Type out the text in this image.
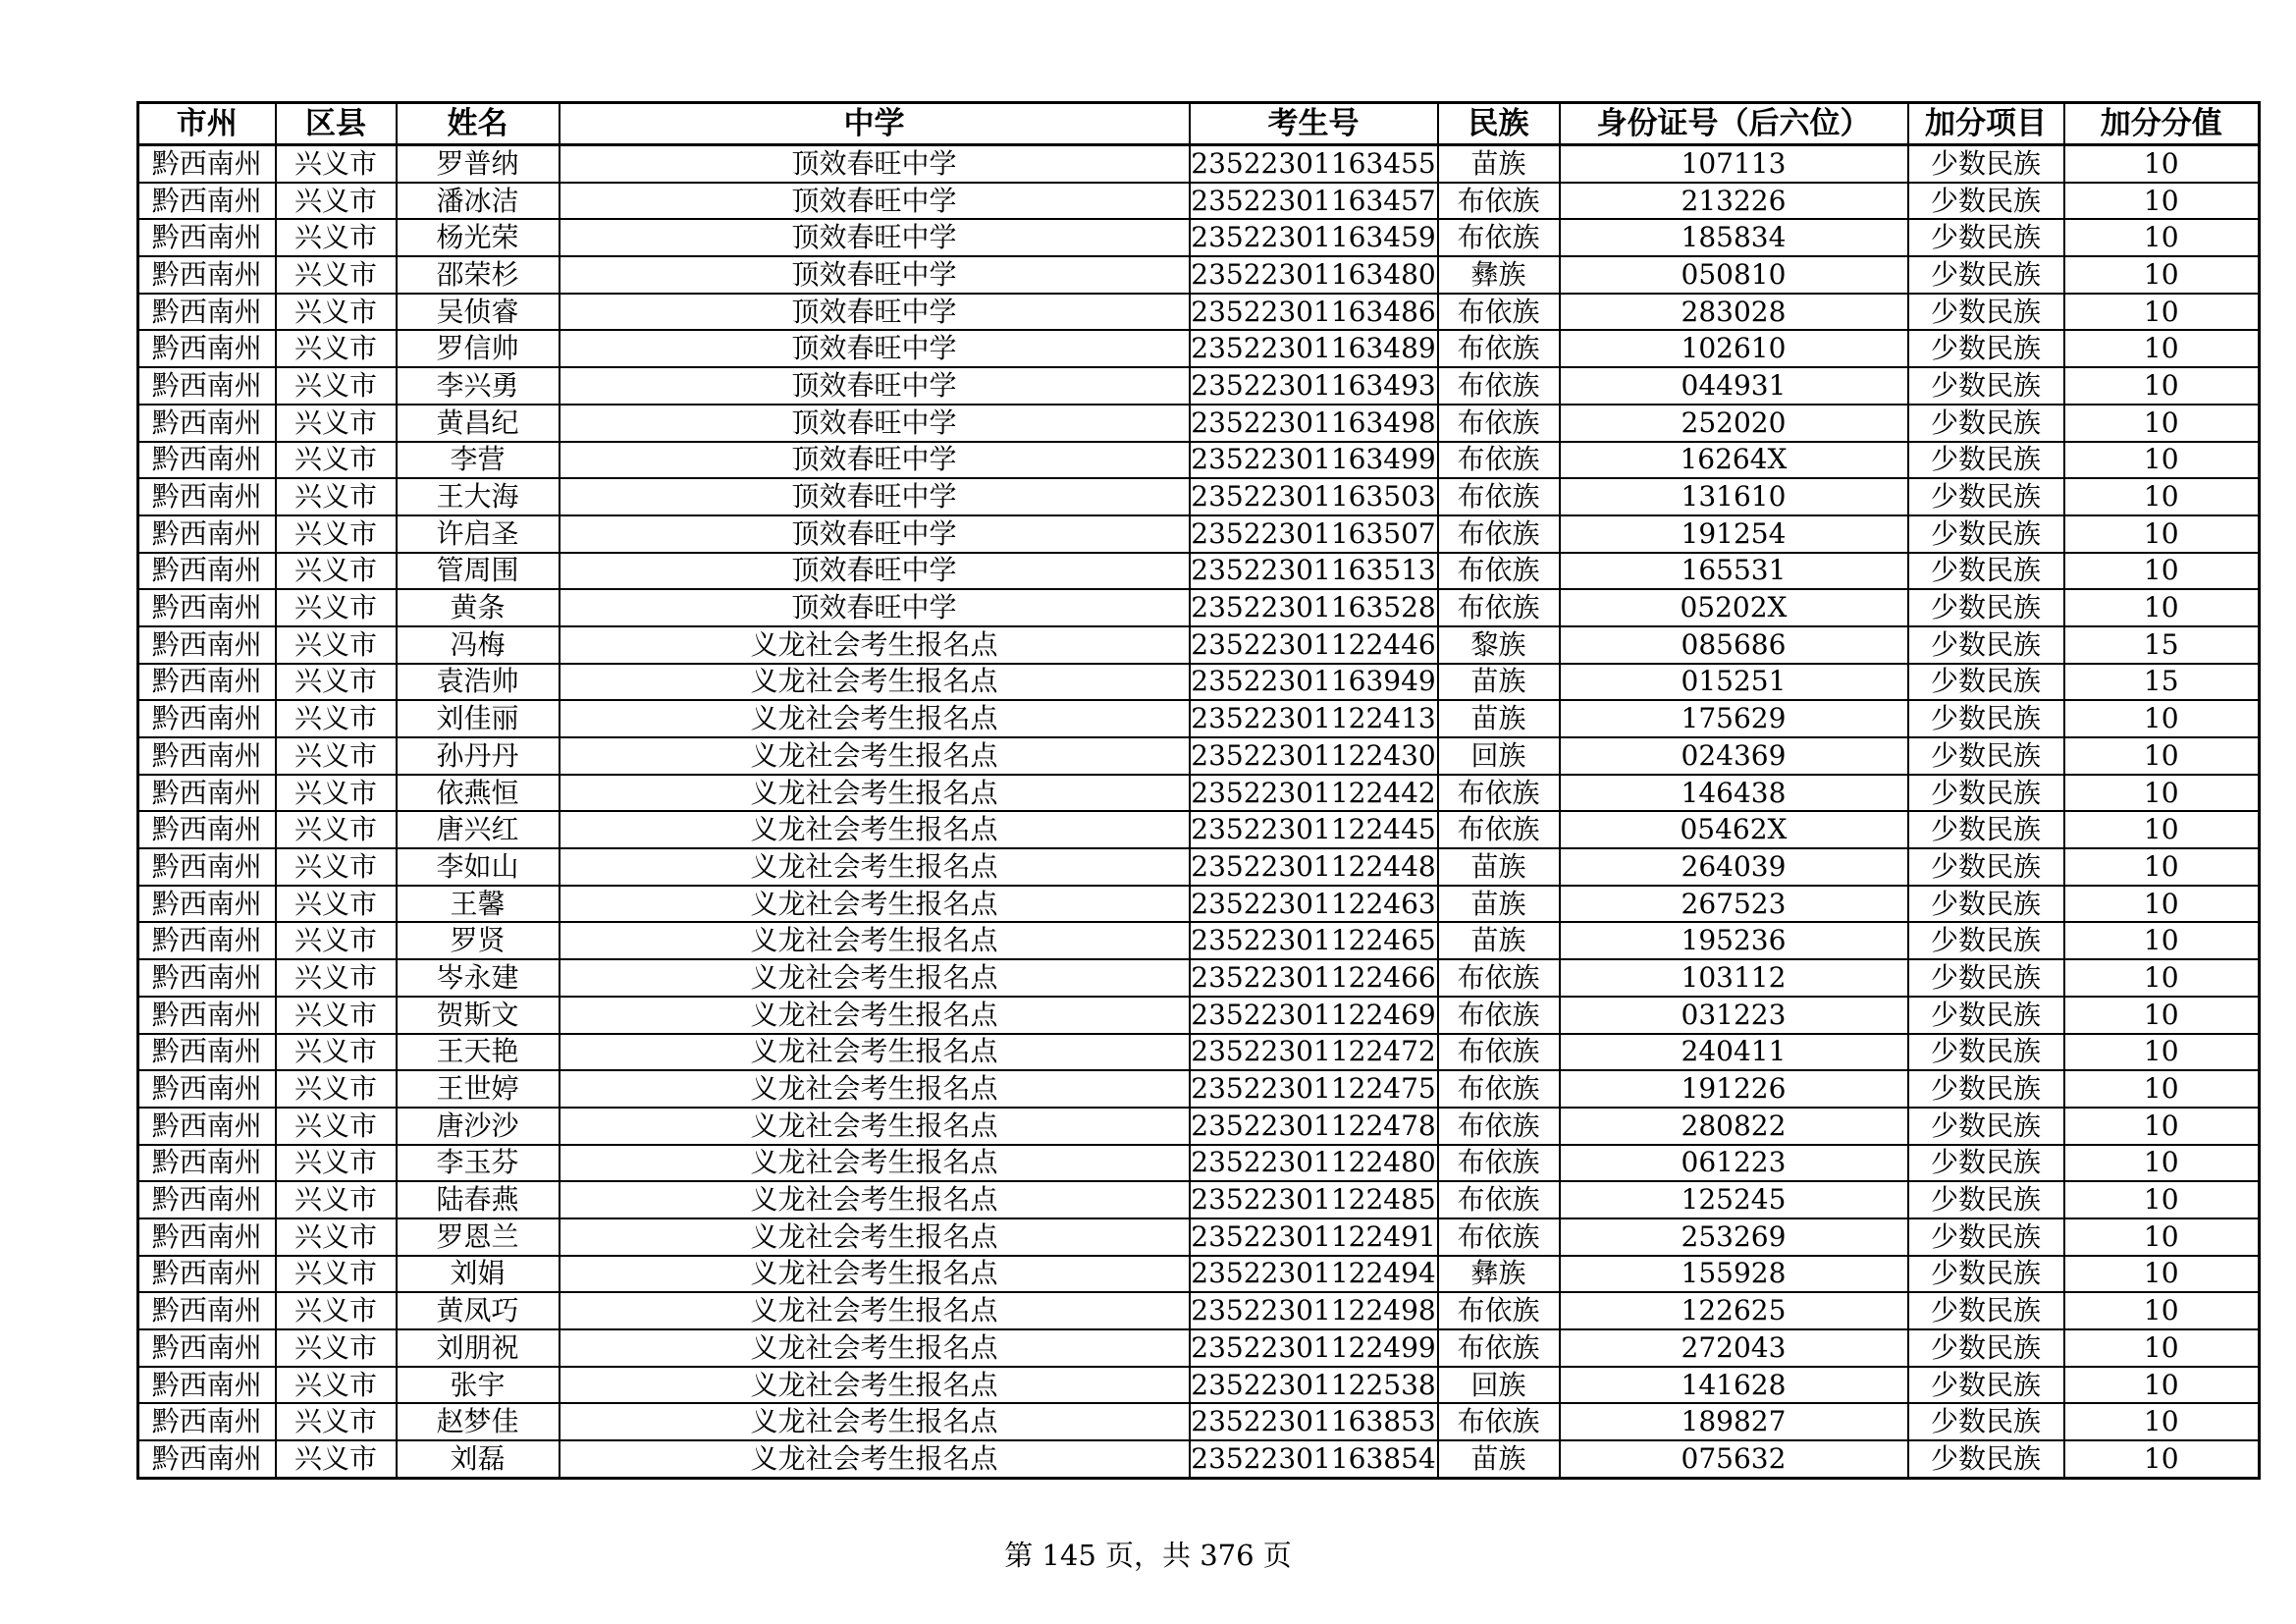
市州	区县	姓名	中学	考生号	民族	身份证号（后六位）	加分项目	加分分值
黔西南州	兴义市	罗普纳	顶效春旺中学	23522301163455	苗族	107113	少数民族	10
黔西南州	兴义市	潘冰洁	顶效春旺中学	23522301163457	布依族	213226	少数民族	10
黔西南州	兴义市	杨光荣	顶效春旺中学	23522301163459	布依族	185834	少数民族	10
黔西南州	兴义市	邵荣杉	顶效春旺中学	23522301163480	彝族	050810	少数民族	10
黔西南州	兴义市	吴侦睿	顶效春旺中学	23522301163486	布依族	283028	少数民族	10
黔西南州	兴义市	罗信帅	顶效春旺中学	23522301163489	布依族	102610	少数民族	10
黔西南州	兴义市	李兴勇	顶效春旺中学	23522301163493	布依族	044931	少数民族	10
黔西南州	兴义市	黄昌纪	顶效春旺中学	23522301163498	布依族	252020	少数民族	10
黔西南州	兴义市	李营	顶效春旺中学	23522301163499	布依族	16264X	少数民族	10
黔西南州	兴义市	王大海	顶效春旺中学	23522301163503	布依族	131610	少数民族	10
黔西南州	兴义市	许启圣	顶效春旺中学	23522301163507	布依族	191254	少数民族	10
黔西南州	兴义市	管周围	顶效春旺中学	23522301163513	布依族	165531	少数民族	10
黔西南州	兴义市	黄条	顶效春旺中学	23522301163528	布依族	05202X	少数民族	10
黔西南州	兴义市	冯梅	义龙社会考生报名点	23522301122446	黎族	085686	少数民族	15
黔西南州	兴义市	袁浩帅	义龙社会考生报名点	23522301163949	苗族	015251	少数民族	15
黔西南州	兴义市	刘佳丽	义龙社会考生报名点	23522301122413	苗族	175629	少数民族	10
黔西南州	兴义市	孙丹丹	义龙社会考生报名点	23522301122430	回族	024369	少数民族	10
黔西南州	兴义市	依燕恒	义龙社会考生报名点	23522301122442	布依族	146438	少数民族	10
黔西南州	兴义市	唐兴红	义龙社会考生报名点	23522301122445	布依族	05462X	少数民族	10
黔西南州	兴义市	李如山	义龙社会考生报名点	23522301122448	苗族	264039	少数民族	10
黔西南州	兴义市	王馨	义龙社会考生报名点	23522301122463	苗族	267523	少数民族	10
黔西南州	兴义市	罗贤	义龙社会考生报名点	23522301122465	苗族	195236	少数民族	10
黔西南州	兴义市	岑永建	义龙社会考生报名点	23522301122466	布依族	103112	少数民族	10
黔西南州	兴义市	贺斯文	义龙社会考生报名点	23522301122469	布依族	031223	少数民族	10
黔西南州	兴义市	王天艳	义龙社会考生报名点	23522301122472	布依族	240411	少数民族	10
黔西南州	兴义市	王世婷	义龙社会考生报名点	23522301122475	布依族	191226	少数民族	10
黔西南州	兴义市	唐沙沙	义龙社会考生报名点	23522301122478	布依族	280822	少数民族	10
黔西南州	兴义市	李玉芬	义龙社会考生报名点	23522301122480	布依族	061223	少数民族	10
黔西南州	兴义市	陆春燕	义龙社会考生报名点	23522301122485	布依族	125245	少数民族	10
黔西南州	兴义市	罗恩兰	义龙社会考生报名点	23522301122491	布依族	253269	少数民族	10
黔西南州	兴义市	刘娟	义龙社会考生报名点	23522301122494	彝族	155928	少数民族	10
黔西南州	兴义市	黄凤巧	义龙社会考生报名点	23522301122498	布依族	122625	少数民族	10
黔西南州	兴义市	刘朋祝	义龙社会考生报名点	23522301122499	布依族	272043	少数民族	10
黔西南州	兴义市	张宇	义龙社会考生报名点	23522301122538	回族	141628	少数民族	10
黔西南州	兴义市	赵梦佳	义龙社会考生报名点	23522301163853	布依族	189827	少数民族	10
黔西南州	兴义市	刘磊	义龙社会考生报名点	23522301163854	苗族	075632	少数民族	10
第 145 页，共 376 页
